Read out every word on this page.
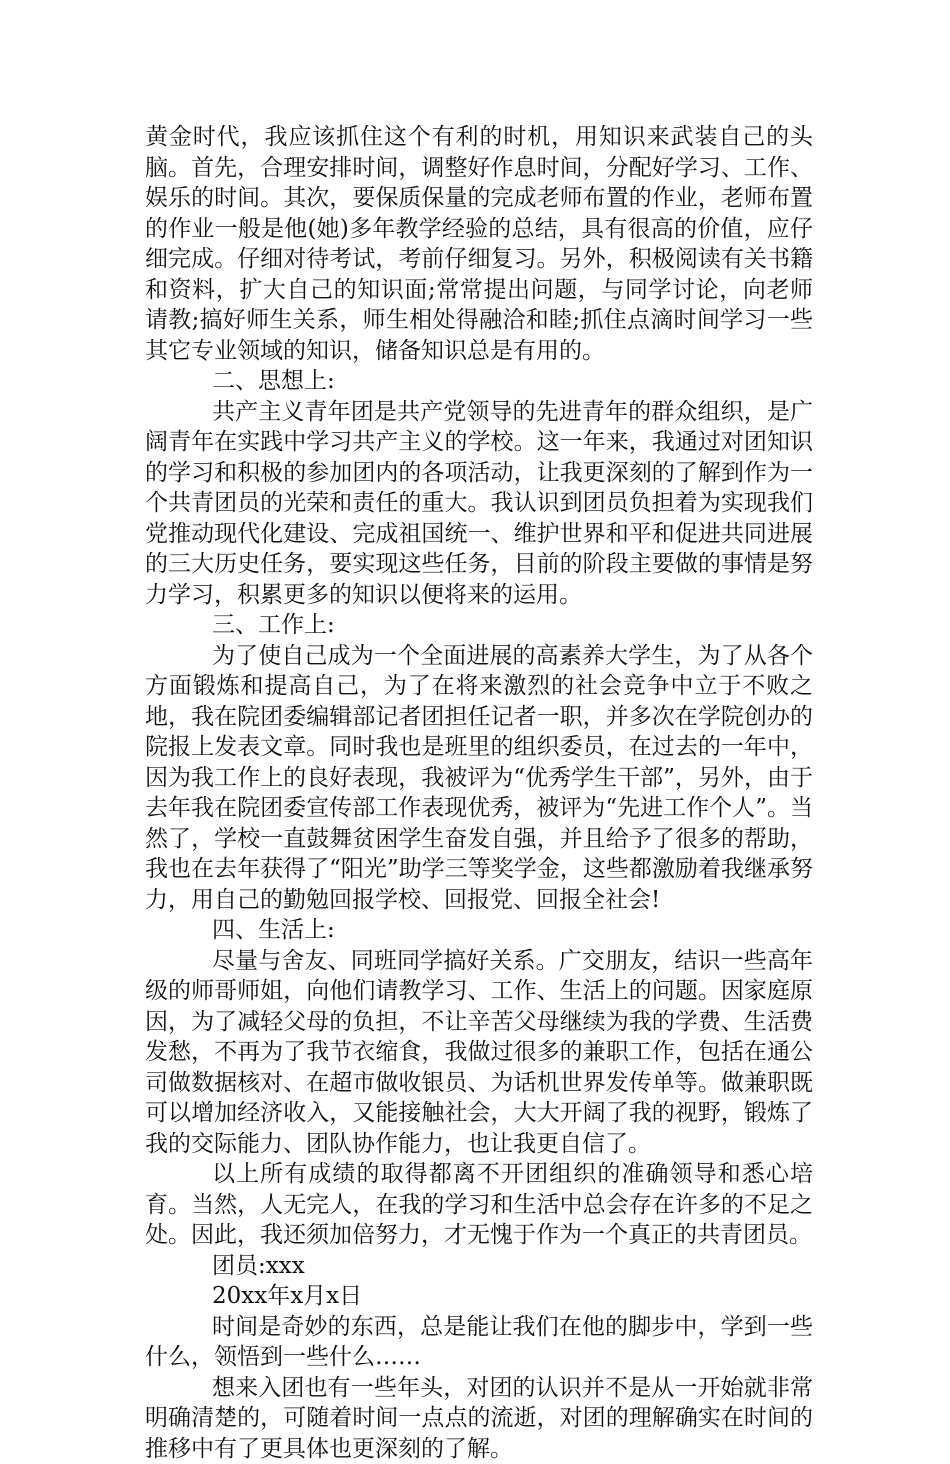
黄金时代，我应该抓住这个有利的时机，用知识来武装自己的头脑。首先，合理安排时间，调整好作息时间，分配好学习、工作、娱乐的时间。其次，要保质保量的完成老师布置的作业，老师布置的作业一般是他(她)多年教学经验的总结，具有很高的价值，应仔细完成。仔细对待考试，考前仔细复习。另外，积极阅读有关书籍和资料，扩大自己的知识面;常常提出问题，与同学讨论，向老师请教;搞好师生关系，师生相处得融洽和睦;抓住点滴时间学习一些其它专业领域的知识，储备知识总是有用的。

二、思想上:

共产主义青年团是共产党领导的先进青年的群众组织，是广阔青年在实践中学习共产主义的学校。这一年来，我通过对团知识的学习和积极的参加团内的各项活动，让我更深刻的了解到作为一个共青团员的光荣和责任的重大。我认识到团员负担着为实现我们党推动现代化建设、完成祖国统一、维护世界和平和促进共同进展的三大历史任务，要实现这些任务，目前的阶段主要做的事情是努力学习，积累更多的知识以便将来的运用。

三、工作上:

为了使自己成为一个全面进展的高素养大学生，为了从各个方面锻炼和提高自己，为了在将来激烈的社会竞争中立于不败之地，我在院团委编辑部记者团担任记者一职，并多次在学院创办的院报上发表文章。同时我也是班里的组织委员，在过去的一年中，因为我工作上的良好表现，我被评为“优秀学生干部”，另外，由于去年我在院团委宣传部工作表现优秀，被评为“先进工作个人”。当然了，学校一直鼓舞贫困学生奋发自强，并且给予了很多的帮助，我也在去年获得了“阳光”助学三等奖学金，这些都激励着我继承努力，用自己的勤勉回报学校、回报党、回报全社会!

四、生活上:

尽量与舍友、同班同学搞好关系。广交朋友，结识一些高年级的师哥师姐，向他们请教学习、工作、生活上的问题。因家庭原因，为了减轻父母的负担，不让辛苦父母继续为我的学费、生活费发愁，不再为了我节衣缩食，我做过很多的兼职工作，包括在通公司做数据核对、在超市做收银员、为话机世界发传单等。做兼职既可以增加经济收入，又能接触社会，大大开阔了我的视野，锻炼了我的交际能力、团队协作能力，也让我更自信了。

以上所有成绩的取得都离不开团组织的准确领导和悉心培育。当然，人无完人，在我的学习和生活中总会存在许多的不足之处。因此，我还须加倍努力，才无愧于作为一个真正的共青团员。

团员:xxx

20xx年x月x日

时间是奇妙的东西，总是能让我们在他的脚步中，学到一些什么，领悟到一些什么……

想来入团也有一些年头，对团的认识并不是从一开始就非常明确清楚的，可随着时间一点点的流逝，对团的理解确实在时间的推移中有了更具体也更深刻的了解。
